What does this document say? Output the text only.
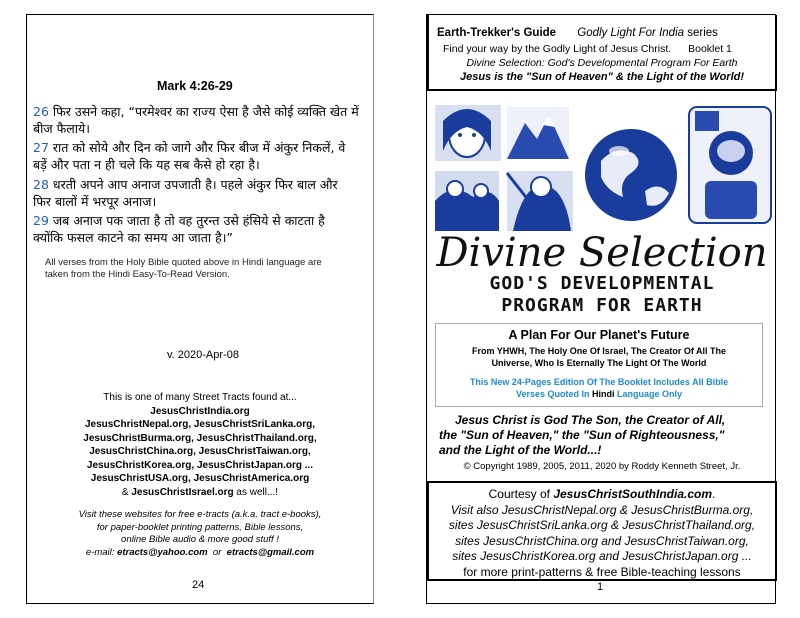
Mark 4:26-29
26 फिर उसने कहा, “परमेश्वर का राज्य ऐसा है जैसे कोई व्यक्ति खेत में
बीज फैलाये।
27 रात को सोये और दिन को जागे और फिर बीज में अंकुर निकलें, वे
बड़ें और पता न ही चले कि यह सब कैसे हो रहा है।
28 धरती अपने आप अनाज उपजाती है। पहले अंकुर फिर बाल और
फिर बालों में भरपूर अनाज।
29 जब अनाज पक जाता है तो वह तुरन्त उसे हंसिये से काटता है
क्योंकि फसल काटने का समय आ जाता है।”
All verses from the Holy Bible quoted above in Hindi language are
taken from the Hindi Easy-To-Read Version.
v. 2020-Apr-08
This is one of many Street Tracts found at...
JesusChristIndia.org
JesusChristNepal.org, JesusChristSriLanka.org,
JesusChristBurma.org, JesusChristThailand.org,
JesusChristChina.org, JesusChristTaiwan.org,
JesusChristKorea.org, JesusChristJapan.org ...
JesusChristUSA.org, JesusChristAmerica.org
& JesusChristIsrael.org as well...!
Visit these websites for free e-tracts (a.k.a. tract e-books),
for paper-booklet printing patterns, Bible lessons,
online Bible audio & more good stuff !
e-mail: etracts@yahoo.com or etracts@gmail.com
24
Earth-Trekker's Guide Godly Light For India series
Find your way by the Godly Light of Jesus Christ. Booklet 1
Divine Selection: God's Developmental Program For Earth
Jesus is the "Sun of Heaven" & the Light of the World!
Divine Selection
GOD'S DEVELOPMENTAL
PROGRAM FOR EARTH
A Plan For Our Planet's Future
From YHWH, The Holy One Of Israel, The Creator Of All The
Universe, Who Is Eternally The Light Of The World
This New 24-Pages Edition Of The Booklet Includes All Bible
Verses Quoted In Hindi Language Only
Jesus Christ is God The Son, the Creator of All,
the "Sun of Heaven," the "Sun of Righteousness,"
and the Light of the World...!
© Copyright 1989, 2005, 2011, 2020 by Roddy Kenneth Street, Jr.
Courtesy of JesusChristSouthIndia.com.
Visit also JesusChristNepal.org & JesusChristBurma.org,
sites JesusChristSriLanka.org & JesusChristThailand.org,
sites JesusChristChina.org and JesusChristTaiwan.org,
sites JesusChristKorea.org and JesusChristJapan.org ...
for more print-patterns & free Bible-teaching lessons
1
